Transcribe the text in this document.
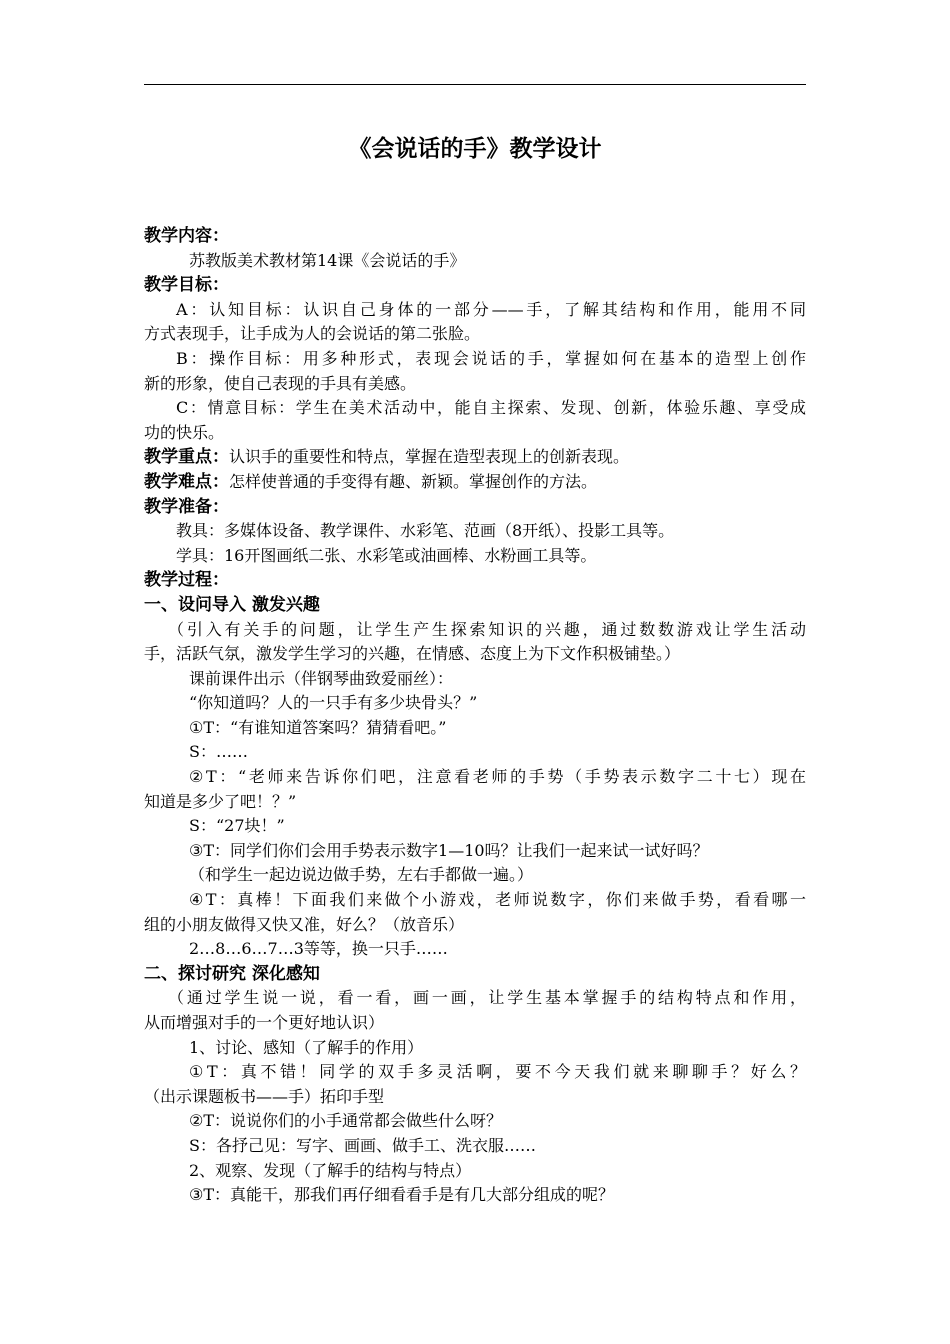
《会说话的手》教学设计
教学内容：
苏教版美术教材第14课《会说话的手》
教学目标：
A：认知目标：认识自己身体的一部分——手，了解其结构和作用，能用不同
方式表现手，让手成为人的会说话的第二张脸。
B：操作目标：用多种形式，表现会说话的手，掌握如何在基本的造型上创作
新的形象，使自己表现的手具有美感。
C：情意目标：学生在美术活动中，能自主探索、发现、创新，体验乐趣、享受成
功的快乐。
教学重点：认识手的重要性和特点，掌握在造型表现上的创新表现。
教学难点：怎样使普通的手变得有趣、新颖。掌握创作的方法。
教学准备：
教具：多媒体设备、教学课件、水彩笔、范画（8开纸）、投影工具等。
学具：16开图画纸二张、水彩笔或油画棒、水粉画工具等。
教学过程：
一、设问导入 激发兴趣
（引入有关手的问题，让学生产生探索知识的兴趣，通过数数游戏让学生活动
手，活跃气氛，激发学生学习的兴趣，在情感、态度上为下文作积极铺垫。）
课前课件出示（伴钢琴曲致爱丽丝）：
“你知道吗？人的一只手有多少块骨头？”
①T：“有谁知道答案吗？猜猜看吧。”
S：……
②T：“老师来告诉你们吧，注意看老师的手势（手势表示数字二十七）现在
知道是多少了吧！？”
S：“27块！”
③T：同学们你们会用手势表示数字1—10吗？让我们一起来试一试好吗？
（和学生一起边说边做手势，左右手都做一遍。）
④T：真棒！下面我们来做个小游戏，老师说数字，你们来做手势，看看哪一
组的小朋友做得又快又准，好么？（放音乐）
2…8…6…7…3等等，换一只手……
二、探讨研究 深化感知
（通过学生说一说，看一看，画一画，让学生基本掌握手的结构特点和作用，
从而增强对手的一个更好地认识）
1、讨论、感知（了解手的作用）
①T：真不错！同学的双手多灵活啊，要不今天我们就来聊聊手？好么？
（出示课题板书——手）拓印手型
②T：说说你们的小手通常都会做些什么呀？
S：各抒己见：写字、画画、做手工、洗衣服……
2、观察、发现（了解手的结构与特点）
③T：真能干，那我们再仔细看看手是有几大部分组成的呢？
